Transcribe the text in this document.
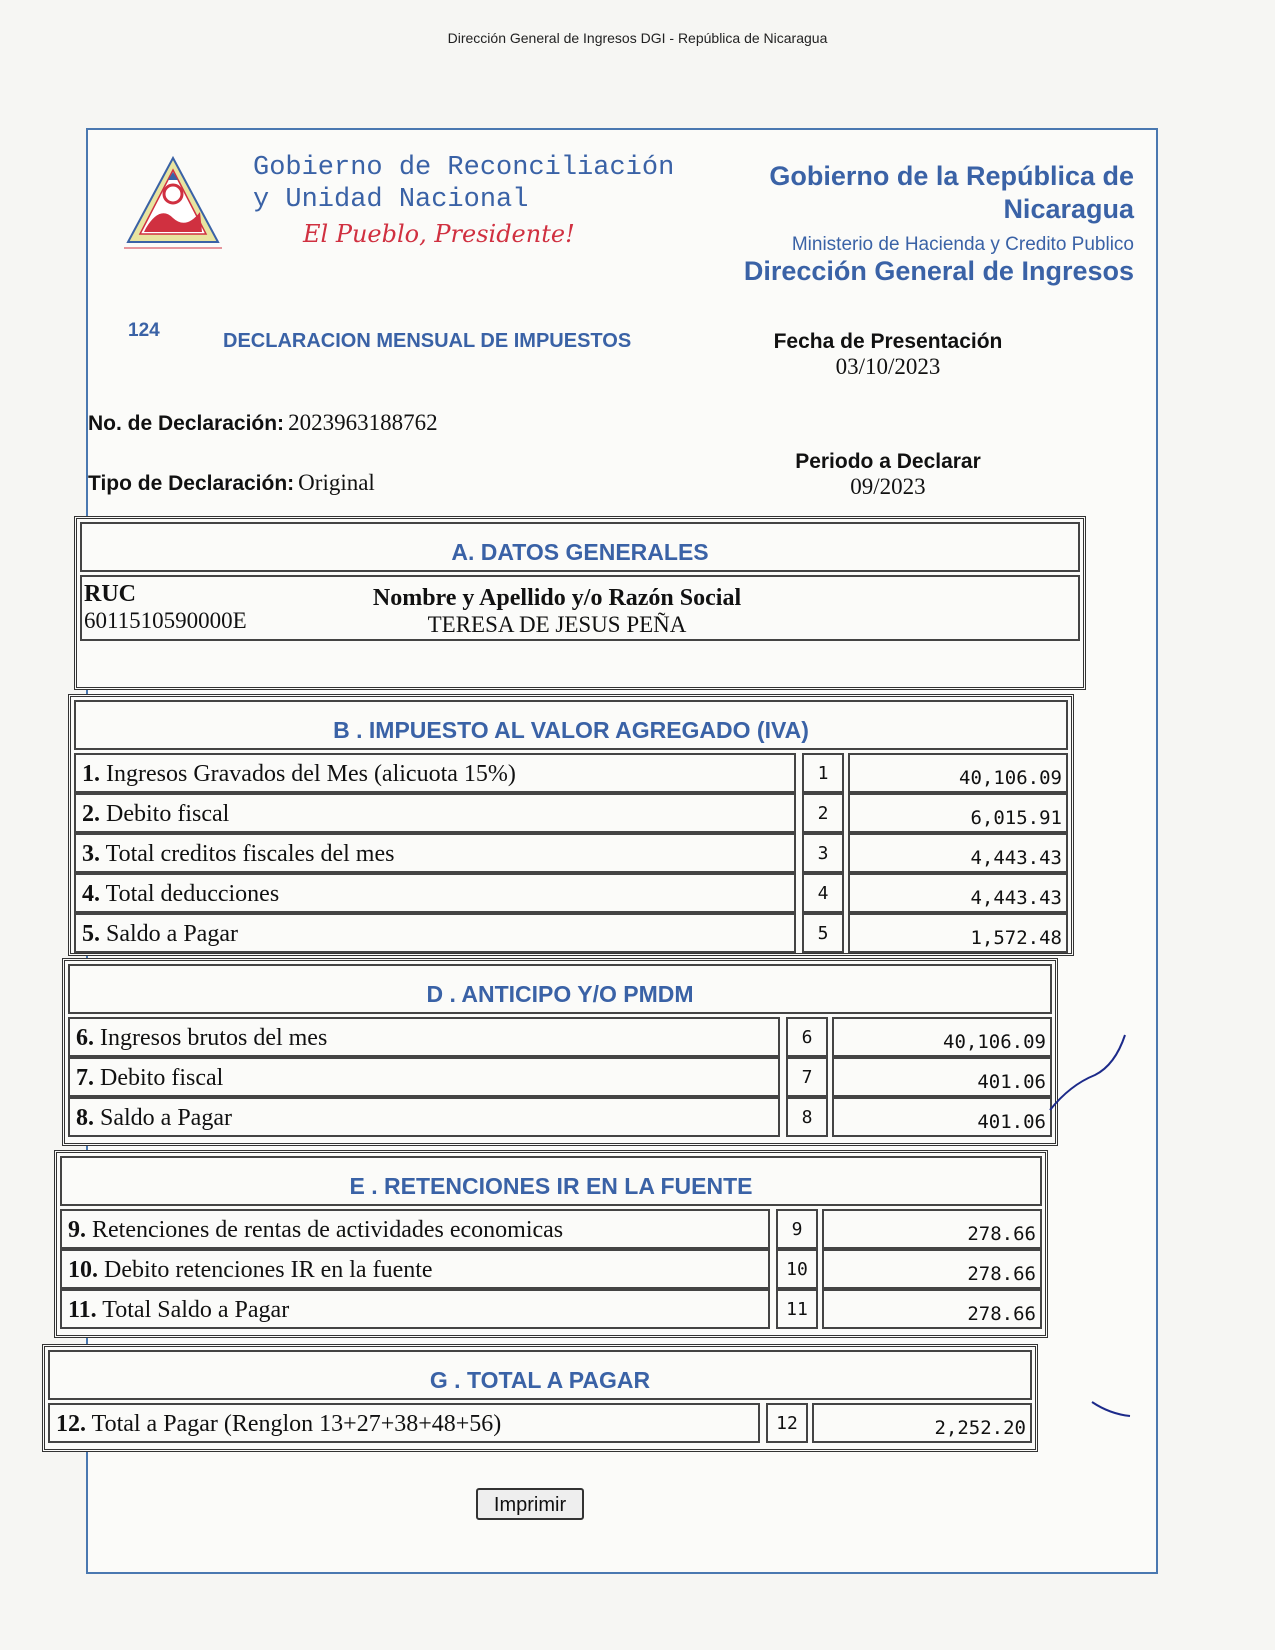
Dirección General de Ingresos DGI - República de Nicaragua
Gobierno de Reconciliación
y Unidad Nacional
El Pueblo, Presidente!
Gobierno de la República de
Nicaragua
Ministerio de Hacienda y Credito Publico
Dirección General de Ingresos
124	DECLARACION MENSUAL DE IMPUESTOS	Fecha de Presentación
03/10/2023
No. de Declaración: 2023963188762
Tipo de Declaración: Original
Periodo a Declarar
09/2023
A. DATOS GENERALES
RUC
6011510590000E
Nombre y Apellido y/o Razón Social
TERESA DE JESUS PEÑA
B . IMPUESTO AL VALOR AGREGADO (IVA)
1. Ingresos Gravados del Mes (alicuota 15%)	1	40,106.09
2. Debito fiscal	2	6,015.91
3. Total creditos fiscales del mes	3	4,443.43
4. Total deducciones	4	4,443.43
5. Saldo a Pagar	5	1,572.48
D . ANTICIPO Y/O PMDM
6. Ingresos brutos del mes	6	40,106.09
7. Debito fiscal	7	401.06
8. Saldo a Pagar	8	401.06
E . RETENCIONES IR EN LA FUENTE
9. Retenciones de rentas de actividades economicas	9	278.66
10. Debito retenciones IR en la fuente	10	278.66
11. Total Saldo a Pagar	11	278.66
G . TOTAL A PAGAR
12. Total a Pagar (Renglon 13+27+38+48+56)	12	2,252.20
Imprimir
